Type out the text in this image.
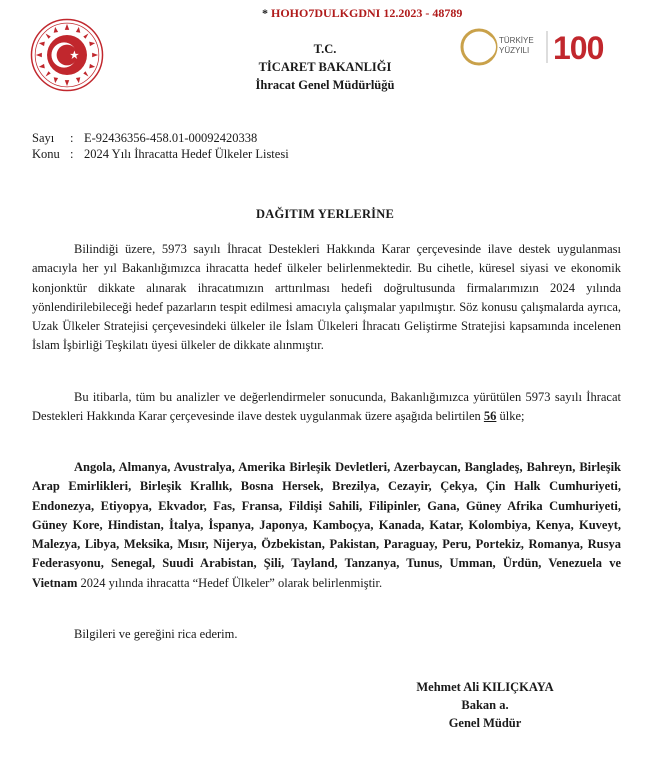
* HOHO7DULKGDNI 12.2023 - 48789
TÜRKİYE
YÜZYILI 100
T.C.
TİCARET BAKANLIĞI
İhracat Genel Müdürlüğü
Sayı	: E-92436356-458.01-00092420338
Konu : 2024 Yılı İhracatta Hedef Ülkeler Listesi
DAĞITIM YERLERİNE
Bilindiği üzere, 5973 sayılı İhracat Destekleri Hakkında Karar çerçevesinde ilave destek uygulanması amacıyla her yıl Bakanlığımızca ihracatta hedef ülkeler belirlenmektedir. Bu cihetle, küresel siyasi ve ekonomik konjonktür dikkate alınarak ihracatımızın arttırılması hedefi doğrultusunda firmalarımızın 2024 yılında yönlendirilebileceği hedef pazarların tespit edilmesi amacıyla çalışmalar yapılmıştır. Söz konusu çalışmalarda ayrıca, Uzak Ülkeler Stratejisi çerçevesindeki ülkeler ile İslam Ülkeleri İhracatı Geliştirme Stratejisi kapsamında incelenen İslam İşbirliği Teşkilatı üyesi ülkeler de dikkate alınmıştır.
Bu itibarla, tüm bu analizler ve değerlendirmeler sonucunda, Bakanlığımızca yürütülen 5973 sayılı İhracat Destekleri Hakkında Karar çerçevesinde ilave destek uygulanmak üzere aşağıda belirtilen 56 ülke;
Angola, Almanya, Avustralya, Amerika Birleşik Devletleri, Azerbaycan, Bangladeş, Bahreyn, Birleşik Arap Emirlikleri, Birleşik Krallık, Bosna Hersek, Brezilya, Cezayir, Çekya, Çin Halk Cumhuriyeti, Endonezya, Etiyopya, Ekvador, Fas, Fransa, Fildişi Sahili, Filipinler, Gana, Güney Afrika Cumhuriyeti, Güney Kore, Hindistan, İtalya, İspanya, Japonya, Kamboçya, Kanada, Katar, Kolombiya, Kenya, Kuveyt, Malezya, Libya, Meksika, Mısır, Nijerya, Özbekistan, Pakistan, Paraguay, Peru, Portekiz, Romanya, Rusya Federasyonu, Senegal, Suudi Arabistan, Şili, Tayland, Tanzanya, Tunus, Umman, Ürdün, Venezuela ve Vietnam 2024 yılında ihracatta “Hedef Ülkeler” olarak belirlenmiştir.
Bilgileri ve gereğini rica ederim.
Mehmet Ali KILIÇKAYA
Bakan a.
Genel Müdür
